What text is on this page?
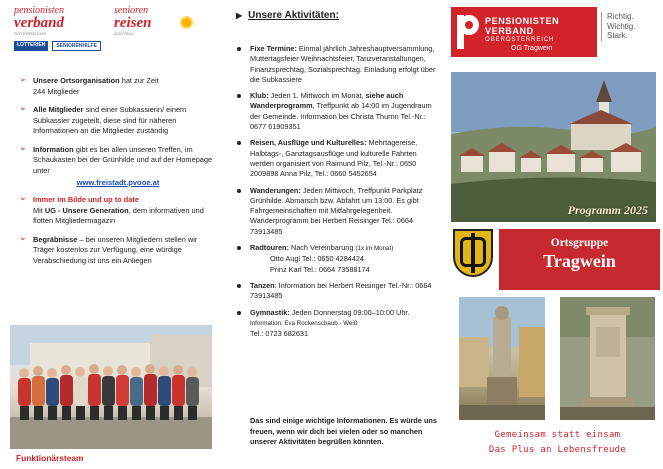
pensionisten
verband
ÖSTERREICHS
senioren
reisen
AUSTRIA
LOTTERIEN	SENIORENHILFE
➢ Unsere Ortsorganisation hat zur Zeit
244 Mitglieder
➢ Alle Mitglieder sind einer Subkassierin/ einem Subkassier zugeteilt, diese sind für näheren Informationen an die Mitglieder zuständig
➢ Information gibt es bei allen unseren Treffen, im Schaukasten bei der Grünhilde und auf der Homepage unter
www.freistadt.pvooe.at
➢ Immer im Bilde und up to date
Mit UG - Unsere Generation, dem informativen und flotten Mitgliedermagazin
➢ Begräbnisse – bei unseren Mitgliedern stellen wir Träger kostenlos zur Verfügung, eine würdige Verabschiedung ist uns ein Anliegen
Funktionärsteam
▶ Unsere Aktivitäten:
Fixe Termine: Einmal jährlich Jahreshauptversammlung, Muttertagsfeier Weihnachtsfeier, Tanzveranstaltungen, Finanzsprechtag, Sozialsprechtag. Einladung erfolgt über die Subkassiere
Klub: Jeden 1. Mittwoch im Monat, siehe auch Wanderprogramm, Treffpunkt ab 14:00 im Jugendraum der Gemeinde. Information bei Christa Thurnn Tel.-Nr.: 0677 61909351
Reisen, Ausflüge und Kulturelles: Mehrtagereise, Halbtags-, Ganztagsausflüge und kulturelle Fahrten werden organisiert von Raimund Pilz, Tel.-Nr.: 0650 2009898 Anna Pilz, Tel.: 0660 5452654
Wanderungen: Jeden Mittwoch, Treffpunkt Parkplatz Grünhilde. Abmarsch bzw. Abfahrt um 13:00. Es gibt Fahrgemeinschaften mit Mitfahrgelegenheit. Wanderprogramm bei Herbert Reisinger Tel.: 0664 73913485
Radtouren: Nach Vereinbarung (1x im Monat)
Otto Augl Tel.: 0650 4284424
Prinz Karl Tel.: 0664 73588174
Tanzen: Information bei Herbert Reisinger Tel.-Nr.: 0664 73913485
Gymnastik: Jeden Donnerstag 09:00–10:00 Uhr. Information: Eva Rockenschaub - Weiß
Tel.: 0723 682631
Das sind einige wichtige Informationen. Es würde uns freuen, wenn wir dich bei vielen oder so manchen unserer Aktivitäten begrüßen könnten.
PENSIONISTEN
VERBAND
OBERÖSTERREICH
OG Tragwein
Richtig.
Wichtig.
Stark.
Programm 2025
Ortsgruppe
Tragwein
Gemeinsam statt einsam
Das Plus an Lebensfreude
